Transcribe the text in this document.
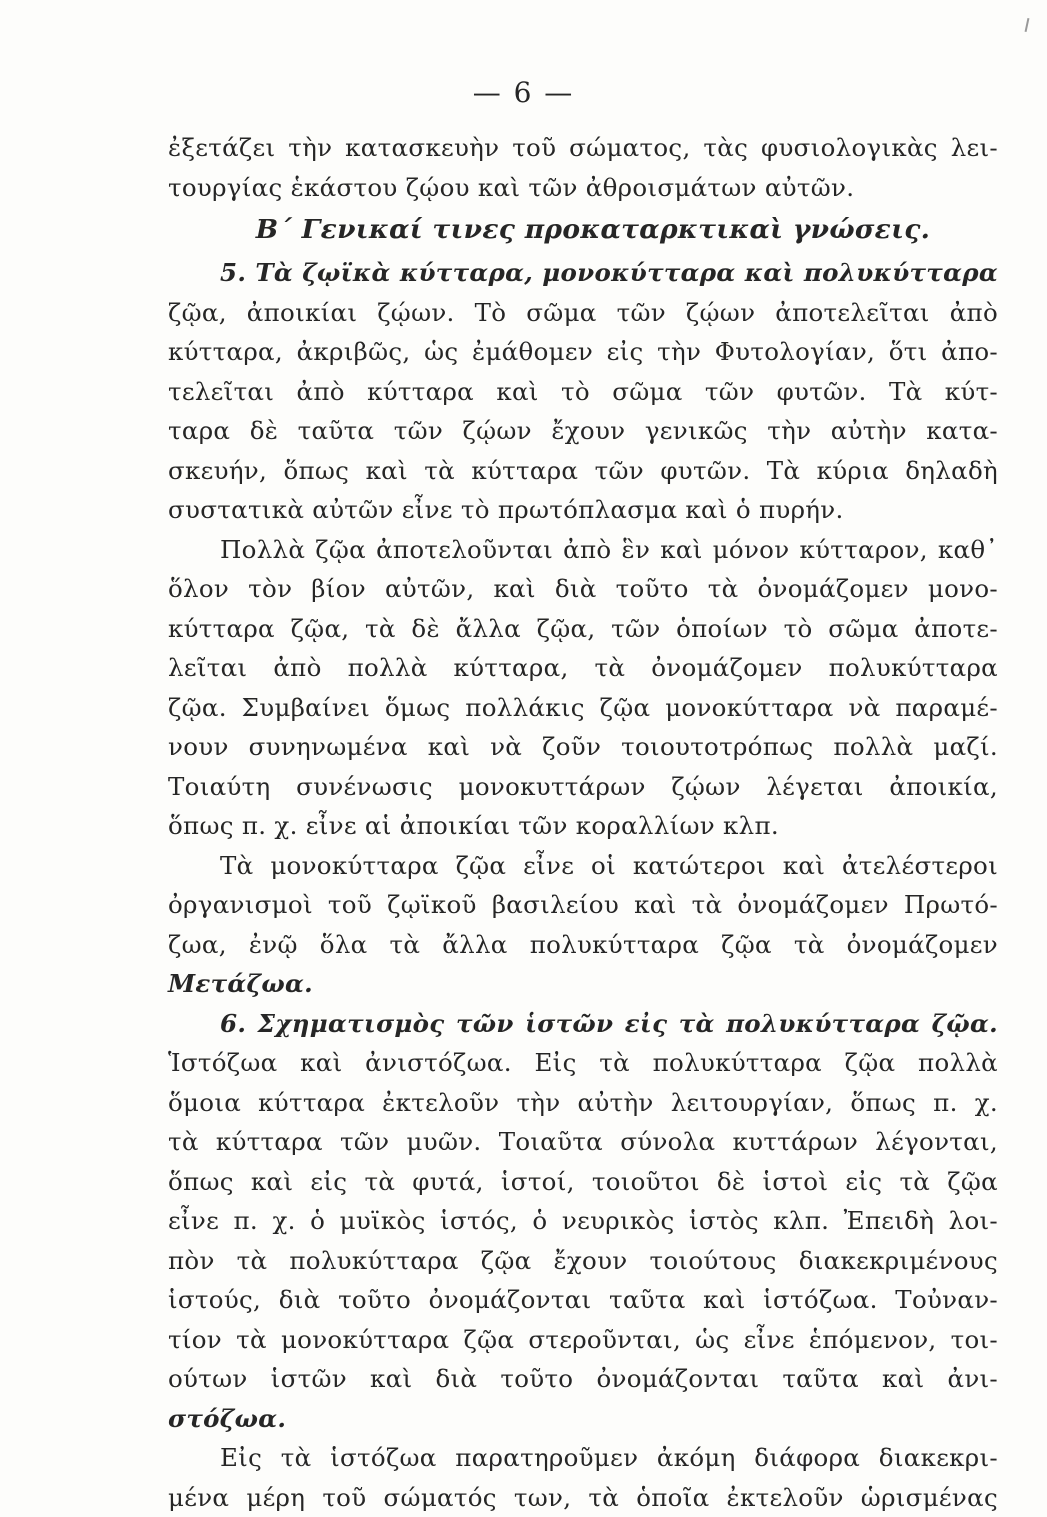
— 6 —
ἐξετάζει τὴν κατασκευὴν τοῦ σώματος, τὰς φυσιολογικὰς λει-
τουργίας ἑκάστου ζῴου καὶ τῶν ἀθροισμάτων αὐτῶν.
Β΄ Γενικαί τινες προκαταρκτικαὶ γνώσεις.
5. Τὰ ζῳϊκὰ κύτταρα, μονοκύτταρα καὶ πολυκύτταρα
ζῷα, ἀποικίαι ζῴων. Τὸ σῶμα τῶν ζῴων ἀποτελεῖται ἀπὸ
κύτταρα, ἀκριβῶς, ὡς ἐμάθομεν εἰς τὴν Φυτολογίαν, ὅτι ἀπο-
τελεῖται ἀπὸ κύτταρα καὶ τὸ σῶμα τῶν φυτῶν. Τὰ κύτ-
ταρα δὲ ταῦτα τῶν ζῴων ἔχουν γενικῶς τὴν αὐτὴν κατα-
σκευήν, ὅπως καὶ τὰ κύτταρα τῶν φυτῶν. Τὰ κύρια δηλαδὴ
συστατικὰ αὐτῶν εἶνε τὸ πρωτόπλασμα καὶ ὁ πυρήν.
Πολλὰ ζῷα ἀποτελοῦνται ἀπὸ ἓν καὶ μόνον κύτταρον, καθ᾿
ὅλον τὸν βίον αὐτῶν, καὶ διὰ τοῦτο τὰ ὀνομάζομεν μονο-
κύτταρα ζῷα, τὰ δὲ ἄλλα ζῷα, τῶν ὁποίων τὸ σῶμα ἀποτε-
λεῖται ἀπὸ πολλὰ κύτταρα, τὰ ὀνομάζομεν πολυκύτταρα
ζῷα. Συμβαίνει ὅμως πολλάκις ζῷα μονοκύτταρα νὰ παραμέ-
νουν συνηνωμένα καὶ νὰ ζοῦν τοιουτοτρόπως πολλὰ μαζί.
Τοιαύτη συνένωσις μονοκυττάρων ζῴων λέγεται ἀποικία,
ὅπως π. χ. εἶνε αἱ ἀποικίαι τῶν κοραλλίων κλπ.
Τὰ μονοκύτταρα ζῷα εἶνε οἱ κατώτεροι καὶ ἀτελέστεροι
ὀργανισμοὶ τοῦ ζῳϊκοῦ βασιλείου καὶ τὰ ὀνομάζομεν Πρωτό-
ζωα, ἐνῷ ὅλα τὰ ἄλλα πολυκύτταρα ζῷα τὰ ὀνομάζομεν
Μετάζωα.
6. Σχηματισμὸς τῶν ἱστῶν εἰς τὰ πολυκύτταρα ζῷα.
Ἱστόζωα καὶ ἀνιστόζωα. Εἰς τὰ πολυκύτταρα ζῷα πολλὰ
ὅμοια κύτταρα ἐκτελοῦν τὴν αὐτὴν λειτουργίαν, ὅπως π. χ.
τὰ κύτταρα τῶν μυῶν. Τοιαῦτα σύνολα κυττάρων λέγονται,
ὅπως καὶ εἰς τὰ φυτά, ἱστοί, τοιοῦτοι δὲ ἱστοὶ εἰς τὰ ζῷα
εἶνε π. χ. ὁ μυϊκὸς ἱστός, ὁ νευρικὸς ἱστὸς κλπ. Ἐπειδὴ λοι-
πὸν τὰ πολυκύτταρα ζῷα ἔχουν τοιούτους διακεκριμένους
ἱστούς, διὰ τοῦτο ὀνομάζονται ταῦτα καὶ ἱστόζωα. Τοὐναν-
τίον τὰ μονοκύτταρα ζῷα στεροῦνται, ὡς εἶνε ἑπόμενον, τοι-
ούτων ἱστῶν καὶ διὰ τοῦτο ὀνομάζονται ταῦτα καὶ ἀνι-
στόζωα.
Εἰς τὰ ἱστόζωα παρατηροῦμεν ἀκόμη διάφορα διακεκρι-
μένα μέρη τοῦ σώματός των, τὰ ὁποῖα ἐκτελοῦν ὡρισμένας
